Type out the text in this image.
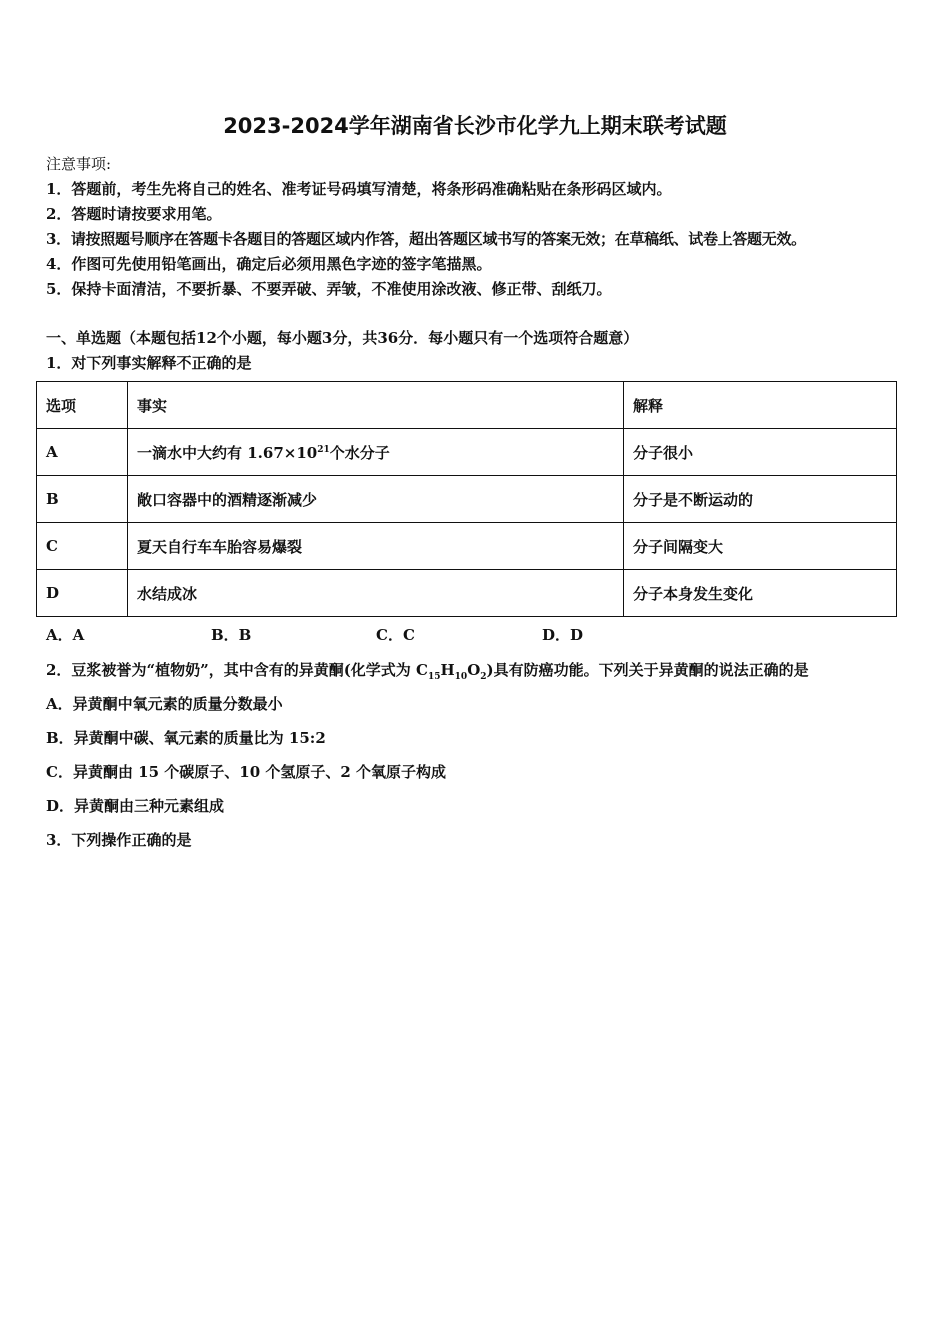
2023-2024学年湖南省长沙市化学九上期末联考试题
注意事项:
1．答题前，考生先将自己的姓名、准考证号码填写清楚，将条形码准确粘贴在条形码区域内。
2．答题时请按要求用笔。
3．请按照题号顺序在答题卡各题目的答题区域内作答，超出答题区域书写的答案无效；在草稿纸、试卷上答题无效。
4．作图可先使用铅笔画出，确定后必须用黑色字迹的签字笔描黑。
5．保持卡面清洁，不要折暴、不要弄破、弄皱，不准使用涂改液、修正带、刮纸刀。
一、单选题（本题包括12个小题，每小题3分，共36分．每小题只有一个选项符合题意）
1．对下列事实解释不正确的是
选项	事实	解释
A	一滴水中大约有 $1.67\times 10^{21}$个水分子	分子很小
B	敞口容器中的酒精逐渐减少	分子是不断运动的
C	夏天自行车车胎容易爆裂	分子间隔变大
D	水结成冰	分子本身发生变化
A．A	B．B	C．C	D．D
2．豆浆被誉为“植物奶”，其中含有的异黄酮(化学式为 $C_{15}H_{10}O_2$)具有防癌功能。下列关于异黄酮的说法正确的是
A．异黄酮中氧元素的质量分数最小
B．异黄酮中碳、氧元素的质量比为 15:2
C．异黄酮由 15 个碳原子、10 个氢原子、2 个氧原子构成
D．异黄酮由三种元素组成
3．下列操作正确的是
